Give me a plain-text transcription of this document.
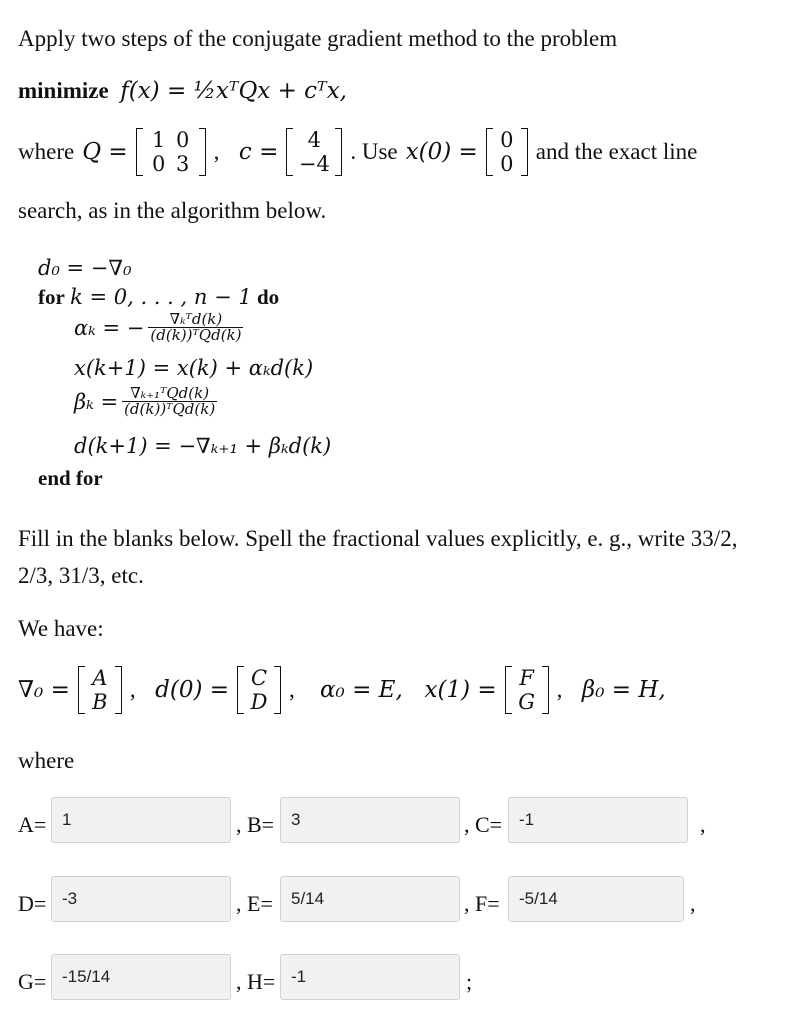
Apply two steps of the conjugate gradient method to the problem
minimize f(x) = ½xᵀQx + cᵀx,
where Q = 1 0
0 3 , c =	4
−4 . Use x(0) = 0
0 and the exact line
search, as in the algorithm below.
d₀ = −∇₀
for k = 0, . . . , n − 1 do
αₖ = − $\frac{\text{∇ₖᵀd(k)}}{\text{(d(k))ᵀQd(k)}}$
x(k+1) = x(k) + αₖd(k)
$\beta_k = \frac{\text{∇ₖ₊₁ᵀQd(k)}}{\text{(d(k))ᵀQd(k)}}$
d(k+1) = −∇ₖ₊₁ + βₖd(k)
end for
Fill in the blanks below. Spell the fractional values explicitly, e. g., write 33/2,
2/3, 31/3, etc.
We have:
∇₀ = A
B , d(0) = C
D , α₀ = E,
x(1) = F
G , β₀ = H,
where
A= 1	, B= 3	, C= -1	,
D= -3	, E=	5/14	, F=	-5/14	,
G= -15/14	, H= -1	;
